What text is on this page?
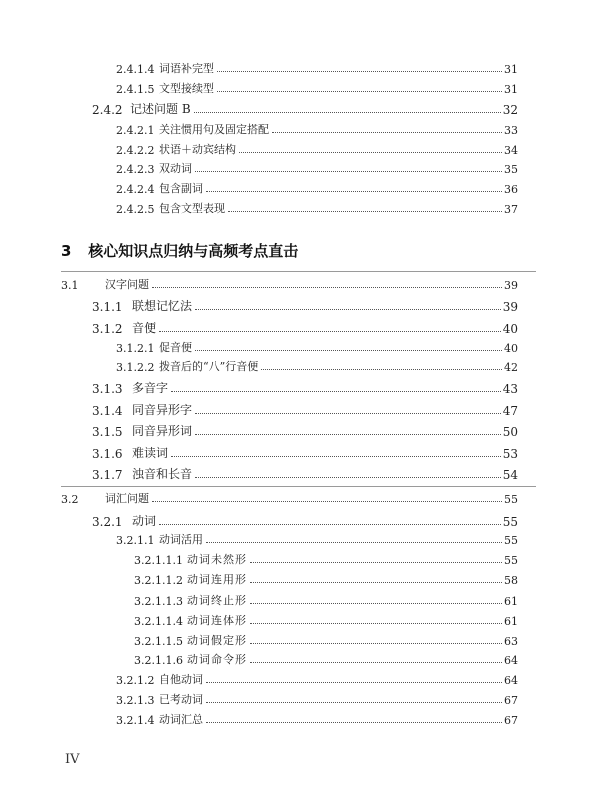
2.4.1.4 词语补完型	31
2.4.1.5 文型接续型	31
2.4.2 记述问题 B	32
2.4.2.1 关注惯用句及固定搭配	33
2.4.2.2 状语＋动宾结构	34
2.4.2.3 双动词	35
2.4.2.4 包含副词	36
2.4.2.5 包含文型表现	37
3 核心知识点归纳与高频考点直击
3.1	汉字问题	39
3.1.1 联想记忆法	39
3.1.2 音便	40
3.1.2.1 促音便	40
3.1.2.2 拨音后的“八”行音便	42
3.1.3 多音字	43
3.1.4 同音异形字	47
3.1.5 同音异形词	50
3.1.6 难读词	53
3.1.7 浊音和长音	54
3.2	词汇问题	55
3.2.1 动词	55
3.2.1.1 动词活用	55
3.2.1.1.1 动词未然形	55
3.2.1.1.2 动词连用形	58
3.2.1.1.3 动词终止形	61
3.2.1.1.4 动词连体形	61
3.2.1.1.5 动词假定形	63
3.2.1.1.6 动词命令形	64
3.2.1.2 自他动词	64
3.2.1.3 已考动词	67
3.2.1.4 动词汇总	67
IV
